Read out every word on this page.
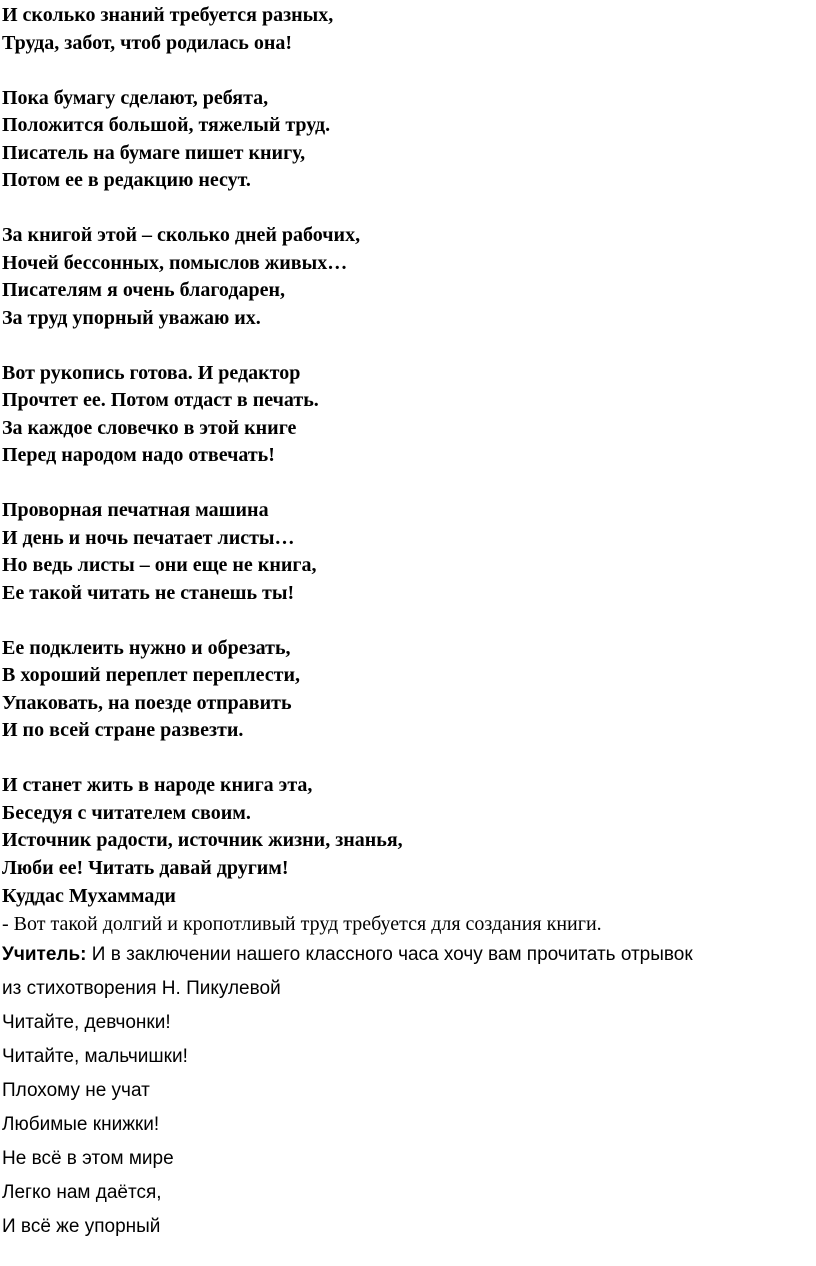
И сколько знаний требуется разных,
Труда, забот, чтоб родилась она!
Пока бумагу сделают, ребята,
Положится большой, тяжелый труд.
Писатель на бумаге пишет книгу,
Потом ее в редакцию несут.
За книгой этой – сколько дней рабочих,
Ночей бессонных, помыслов живых…
Писателям я очень благодарен,
За труд упорный уважаю их.
Вот рукопись готова. И редактор
Прочтет ее. Потом отдаст в печать.
За каждое словечко в этой книге
Перед народом надо отвечать!
Проворная печатная машина
И день и ночь печатает листы…
Но ведь листы – они еще не книга,
Ее такой читать не станешь ты!
Ее подклеить нужно и обрезать,
В хороший переплет переплести,
Упаковать, на поезде отправить
И по всей стране развезти.
И станет жить в народе книга эта,
Беседуя с читателем своим.
Источник радости, источник жизни, знанья,
Люби ее! Читать давай другим!
Куддас Мухаммади
- Вот такой долгий и кропотливый труд требуется для создания книги.
Учитель: И в заключении нашего классного часа хочу вам прочитать отрывок
из стихотворения Н. Пикулевой
Читайте, девчонки!
Читайте, мальчишки!
Плохому не учат
Любимые книжки!
Не всё в этом мире
Легко нам даётся,
И всё же упорный
